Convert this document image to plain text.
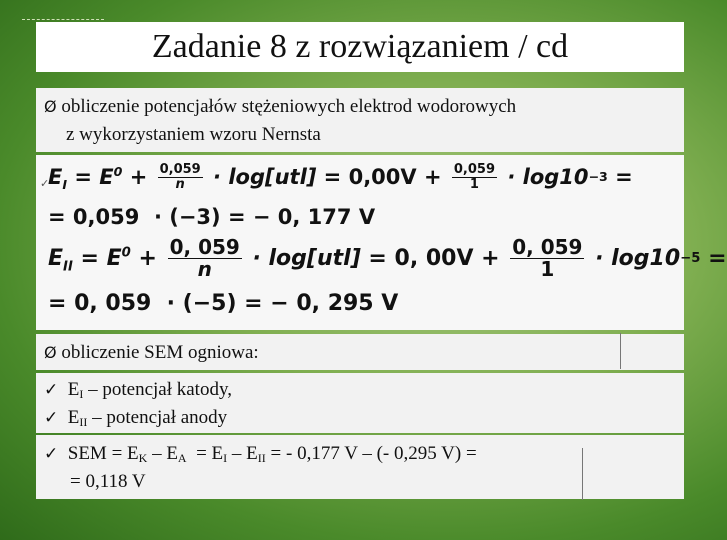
Zadanie 8 z rozwiązaniem / cd
Ø obliczenie potencjałów stężeniowych elektrod wodorowych
z wykorzystaniem wzoru Nernsta
✓
$E_I = E^0 + \frac{0,059}{n} \cdot \log[utl] = 0,00V + \frac{0,059}{1} \cdot \log 10 -3$ =
= 0,059  · (−3) = − 0, 177 V
$E_{II} = E^0 + \frac{0, 059}{n} \cdot \log[utl] = 0$, $00V + \frac{0, 059}{1} \cdot \log 10 -5$ =
= 0, 059  · (−5) = − 0, 295 V
Ø obliczenie SEM ogniowa:
✓ $E_I$ – potencjał katody,
✓ $E_{II}$ – potencjał anody
✓ SEM = $E_K - E_A = E_I - E_{II}$ = - 0,177 V – (- 0,295 V) =
= 0,118 V
